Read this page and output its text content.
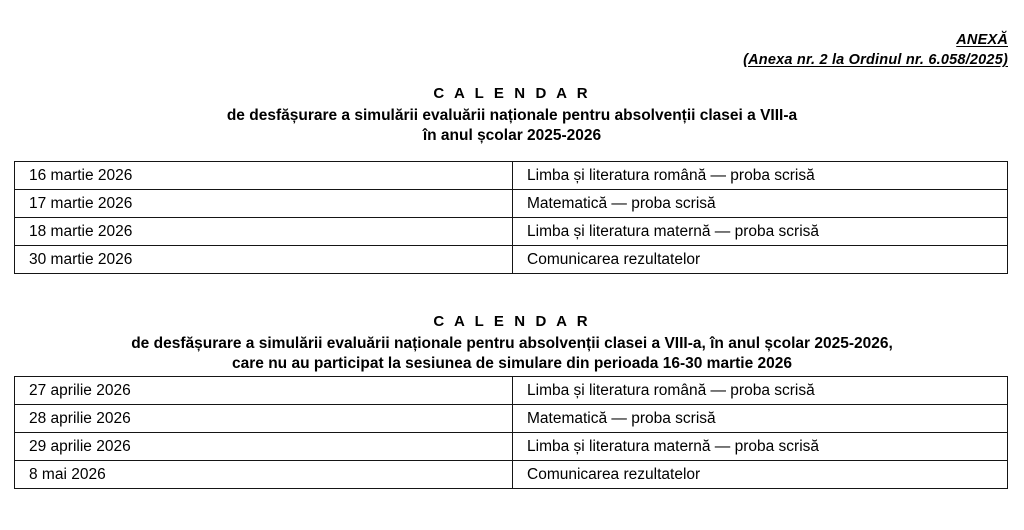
ANEXĂ
(Anexa nr. 2 la Ordinul nr. 6.058/2025)
C A L E N D A R
de desfășurare a simulării evaluării naționale pentru absolvenții clasei a VIII-a
în anul școlar 2025-2026
16 martie 2026	Limba și literatura română — proba scrisă
17 martie 2026	Matematică — proba scrisă
18 martie 2026	Limba și literatura maternă — proba scrisă
30 martie 2026	Comunicarea rezultatelor
C A L E N D A R
de desfășurare a simulării evaluării naționale pentru absolvenții clasei a VIII-a, în anul școlar 2025-2026,
care nu au participat la sesiunea de simulare din perioada 16-30 martie 2026
27 aprilie 2026	Limba și literatura română — proba scrisă
28 aprilie 2026	Matematică — proba scrisă
29 aprilie 2026	Limba și literatura maternă — proba scrisă
8 mai 2026	Comunicarea rezultatelor
